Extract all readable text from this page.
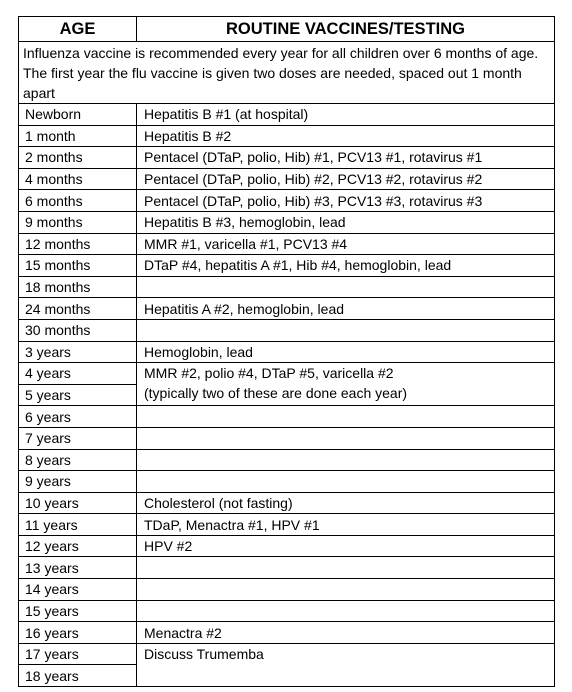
AGE	ROUTINE VACCINES/TESTING
Influenza vaccine is recommended every year for all children over 6 months of age. The first year the flu vaccine is given two doses are needed, spaced out 1 month apart	
Newborn	Hepatitis B #1 (at hospital)
1 month	Hepatitis B #2
2 months	Pentacel (DTaP, polio, Hib) #1, PCV13 #1, rotavirus #1
4 months	Pentacel (DTaP, polio, Hib) #2, PCV13 #2, rotavirus #2
6 months	Pentacel (DTaP, polio, Hib) #3, PCV13 #3, rotavirus #3
9 months	Hepatitis B #3, hemoglobin, lead
12 months	MMR #1, varicella #1, PCV13 #4
15 months	DTaP #4, hepatitis A #1, Hib #4, hemoglobin, lead
18 months	
24 months	Hepatitis A #2, hemoglobin, lead
30 months	
3 years	Hemoglobin, lead
4 years	MMR #2, polio #4, DTaP #5, varicella #2
(typically two of these are done each year)

5 years	
6 years	
7 years	
8 years	
9 years	
10 years	Cholesterol (not fasting)
11 years	TDaP, Menactra #1, HPV #1
12 years	HPV #2
13 years	
14 years	
15 years	
16 years	Menactra #2
17 years	Discuss Trumemba
18 years	
